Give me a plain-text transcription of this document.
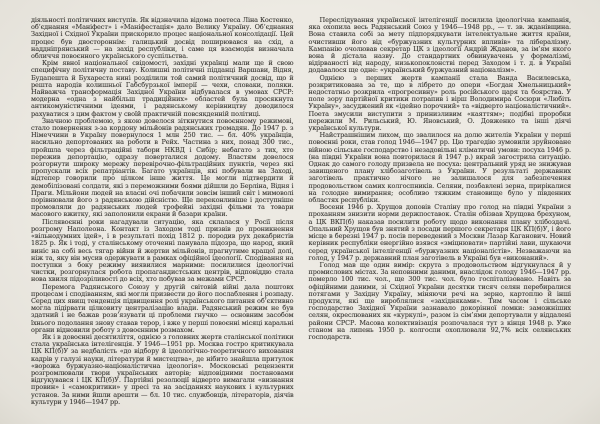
діяльності політичних виступів. Як відзначила відома поетеса Ліна Костенко, об’єднання «Маніфест» і «Маніфестація» дало Велику Україну. Об’єднання Західної і Східної України прискорило процес національної консолідації. Цей процес був двостороннім: галицький досвід поширювався на схід, а наддніпрянський — на захід республіки, і саме ця взаємодія визначала обличчя повоєнного українського суспільства.

Крім явної національної свідомості, західні українці мали ще й свою специфічну політичну поставу. Колишні політичні підданці Варшави, Відня, Будапешта й Бухареста нині розділили той самий політичний досвід, що й решта народів колишньої Габсбурзької імперії — чехи, словаки, поляки. Найважча трансформація Західної України відбувалася в умовах СРСР: модерна «одна з найбільш традиційних» областей була просякнута антикомуністичними ідеями, і радянському керівництву доводилося рахуватися з цим фактом у своїй практичній повсякденній політиці.

Значною проблемою, з якою довелося зіткнутися повоєнному режимові, стало повернення з-за кордону мільйонів радянських громадян. До 1947 р. з Німеччини в Україну повернулося 1 млн 250 тис. — бл. 40% українців, насильно депортованих на роботи в Рейх. Частина з них, понад 300 тис., пройшла через фільтраційні табори НКВД і Сибір; небагато з тих, хто пережив депортацію, одразу поверталися додому. Властям довелося розгорнути широку мережу перевірочно-фільтраційних пунктів, через які пропускали всіх репатріантів. Багато українців, які побували на Заході, відтепер говорили про цілком інше життя. Це могли підтвердити й демобілізовані солдати, які з переможними боями дійшли до Берліна, Відня і Праги. Мільйони людей на власні очі побачили зовсім інший світ і мимоволі порівнювали його з радянською дійсністю. Ще переконливіше і доступніше промовляли до радянських людей трофейні західні фільми та товари масового вжитку, які заполонили екрани й базари країни.

Післявоєнні роки нагадували ситуацію, яка склалася у Росії після розгрому Наполеона. Контакт із Заходом тоді призвів до проникнення «вільнодумних ідей», і в результаті похід 1812 р. породив рух декабристів 1825 р. Як і тоді, у сталінському оточенні панувала підозра, що народ, який виніс на собі весь тягар війни й жертви мільйонів, прагнутиме кращої долі, ніж та, яку він мусив одержувати в рамках офіційної ідеології. Сподівання на поступки з боку режиму виявилися марними: посилилися ідеологічні чистки, розгорнулася робота пропагандистських центрів, відповіддю стала нова хвиля підозріливості до всіх, хто побував за межами СРСР.

Перемога Радянського Союзу у другій світовій війні дала поштовх процесам і сподіванням, які могли призвести до його послаблення і розпаду. Серед цих явищ тенденція підвищення ролі українського питання об’єктивно могла підірвати цілковиту централізацію влади. Радянський режим не був здатний і не бажав розв’язувати ці проблеми гнучко — основним засобом їхнього подолання знову ставав терор, і вже у перші повоєнні місяці каральні органи відновили роботу з довоєнним розмахом.

Як і в довоєнні десятиліття, однією з головних жертв сталінської політики стала українська інтелігенція. У 1946—1951 рр. Москва гостро критикувала ЦК КП(б)У за недбалість «до відбору й ідеологічно-теоретичного виховання кадрів у галузі науки, літератури й мистецтва», де нібито знайшла притулок «ворожа буржуазно-націоналістична ідеологія». Московські рецензенти розгромлювали твори українських авторів; відповідними постановами відгукувався і ЦК КП(б)У. Партійні резолюції відверто вимагали «визнання провин» і «самокритики» у пресі та на засіданнях наукових і культурних установ. За ними йшли арешти — бл. 10 тис. службовців, літераторів, діячів культури у 1946—1947 рр.

Переслідування української інтелігенції посилила ідеологічна кампанія, яка охопила весь Радянський Союз у 1946—1948 рр., — т. зв. жданівщина. Вона ставила собі за мету підпорядкувати інтелектуальне життя країни, очистивши його від «буржуазних культурних впливів» та лібералізму. Кампанію очолював секретар ЦК з ідеології Андрій Жданов, за ім’ям якого вона й дістала назву. До стандартних обвинувачень у формалізмі, відірваності від народу, низькопоклонстві перед Заходом і т. д. в Україні додавалося ще одне: «український буржуазний націоналізм».

Однією з перших жертв кампанії стала Ванда Василевська, розкритикована за те, що в лібрето до опери «Богдан Хмельницький» недостатньо розкрила «прогресивну» роль російського царя та боярства. У поле зору партійної критики потрапив і вірш Володимира Сосюри «Любіть Україну», засуджений як «ідейно порочний» та «відверто націоналістичний». Поета змусили виступити з принизливим «каяттям»; подібні проробки пережили М. Рильський, Ю. Яновський, О. Довженко та інші діячі української культури.

Найстрашнішим лихом, що звалилося на долю жителів України у перші повоєнні роки, став голод 1946—1947 рр. Цю трагедію зумовили зруйноване війною сільське господарство і незадовільні кліматичні умови: посуха 1946 р. (на півдні України вона повторилася й 1947 р.) вкрай загострила ситуацію. Однак до самого голоду призвела не посуха: центральний уряд не знижував завищеного плану хлібозаготівель з України. У результаті державних заготівель практично нічого не залишалося для забезпечення продовольством самих колгоспників. Селяни, позбавлені зерна, прирікалися на голодне вимирання; особливо тяжким становище було у південних областях республіки.

Восени 1946 р. Хрущов доповів Сталіну про голод на півдні України з проханням знизити норми держпоставок. Сталін обізвав Хрущова брехуном, а ЦК ВКП(б) наказав посилити роботу щодо виконання плану хлібоздачі. Опальний Хрущов був знятий з посади першого секретаря ЦК КП(б)У, і його місце в березні 1947 р. посів переведений з Москви Лазар Каганович. Новий керівник республіки енергійно взявся «зміцнювати» партійні лави, шукаючи серед української інтелігенції «буржуазних націоналістів». Незважаючи на голод, у 1947 р. державний план заготівель в Україні був «виконаний».

Голод мав ще один вимір: скрута з продовольством відгукнулася й у промислових містах. За неповними даними, внаслідок голоду 1946—1947 рр. померло 100 тис. чол., ще 300 тис. чол. було госпіталізовано. Навіть за офіційними даними, зі Східної України десятки тисяч селян перебиралися потягами у Західну Україну, міняючи речі на зерно, картоплю й інші продукти, які ще вироблялися «західняками». Тим часом і сільське господарство Західної України зазнавало докорінної ломки: заможніших селян, окреслюваних як «куркулі», разом із сім’ями депортували у віддалені райони СРСР. Масова колективізація розпочалася тут з кінця 1948 р. Уже станом на липень 1950 р. колгоспи охоплювали 92,7% всіх селянських господарств.
